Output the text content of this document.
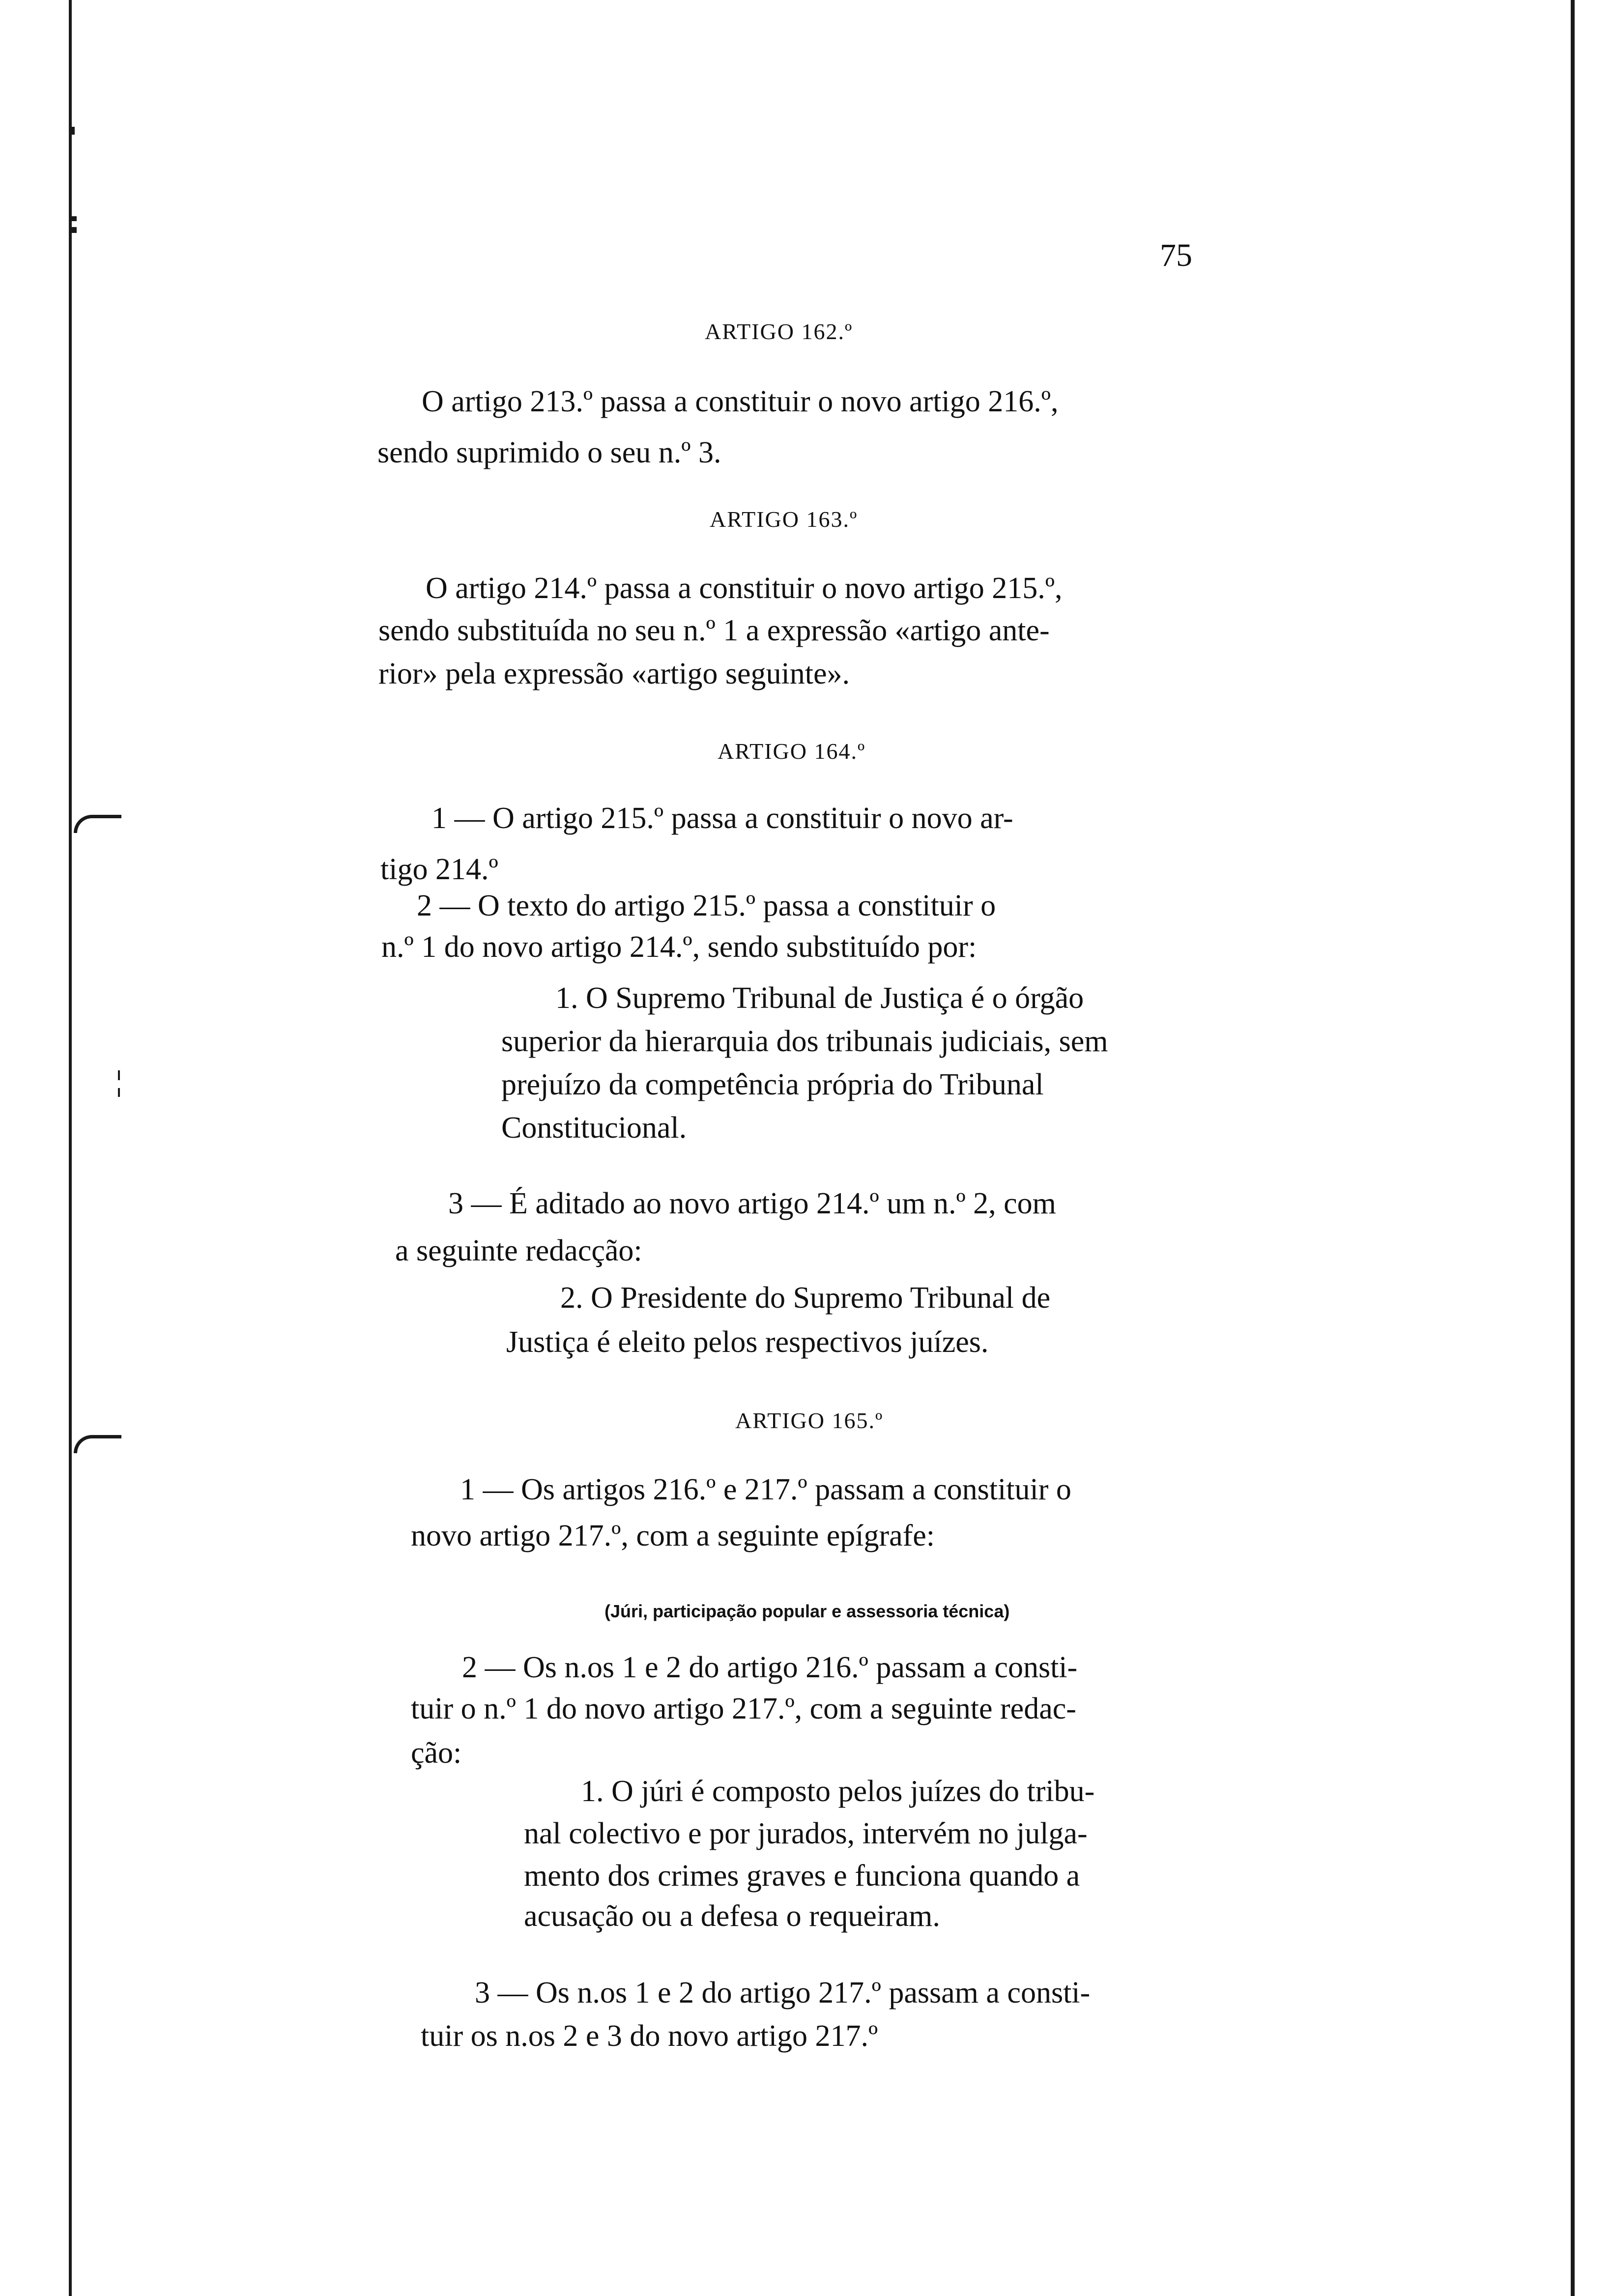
75
ARTIGO 162.º
O artigo 213.º passa a constituir o novo artigo 216.º,
sendo suprimido o seu n.º 3.
ARTIGO 163.º
O artigo 214.º passa a constituir o novo artigo 215.º,
sendo substituída no seu n.º 1 a expressão «artigo ante-
rior» pela expressão «artigo seguinte».
ARTIGO 164.º
1 — O artigo 215.º passa a constituir o novo ar-
tigo 214.º
2 — O texto do artigo 215.º passa a constituir o
n.º 1 do novo artigo 214.º, sendo substituído por:
1. O Supremo Tribunal de Justiça é o órgão
superior da hierarquia dos tribunais judiciais, sem
prejuízo da competência própria do Tribunal
Constitucional.
3 — É aditado ao novo artigo 214.º um n.º 2, com
a seguinte redacção:
2. O Presidente do Supremo Tribunal de
Justiça é eleito pelos respectivos juízes.
ARTIGO 165.º
1 — Os artigos 216.º e 217.º passam a constituir o
novo artigo 217.º, com a seguinte epígrafe:
(Júri, participação popular e assessoria técnica)
2 — Os n.os 1 e 2 do artigo 216.º passam a consti-
tuir o n.º 1 do novo artigo 217.º, com a seguinte redac-
ção:
1. O júri é composto pelos juízes do tribu-
nal colectivo e por jurados, intervém no julga-
mento dos crimes graves e funciona quando a
acusação ou a defesa o requeiram.
3 — Os n.os 1 e 2 do artigo 217.º passam a consti-
tuir os n.os 2 e 3 do novo artigo 217.º
